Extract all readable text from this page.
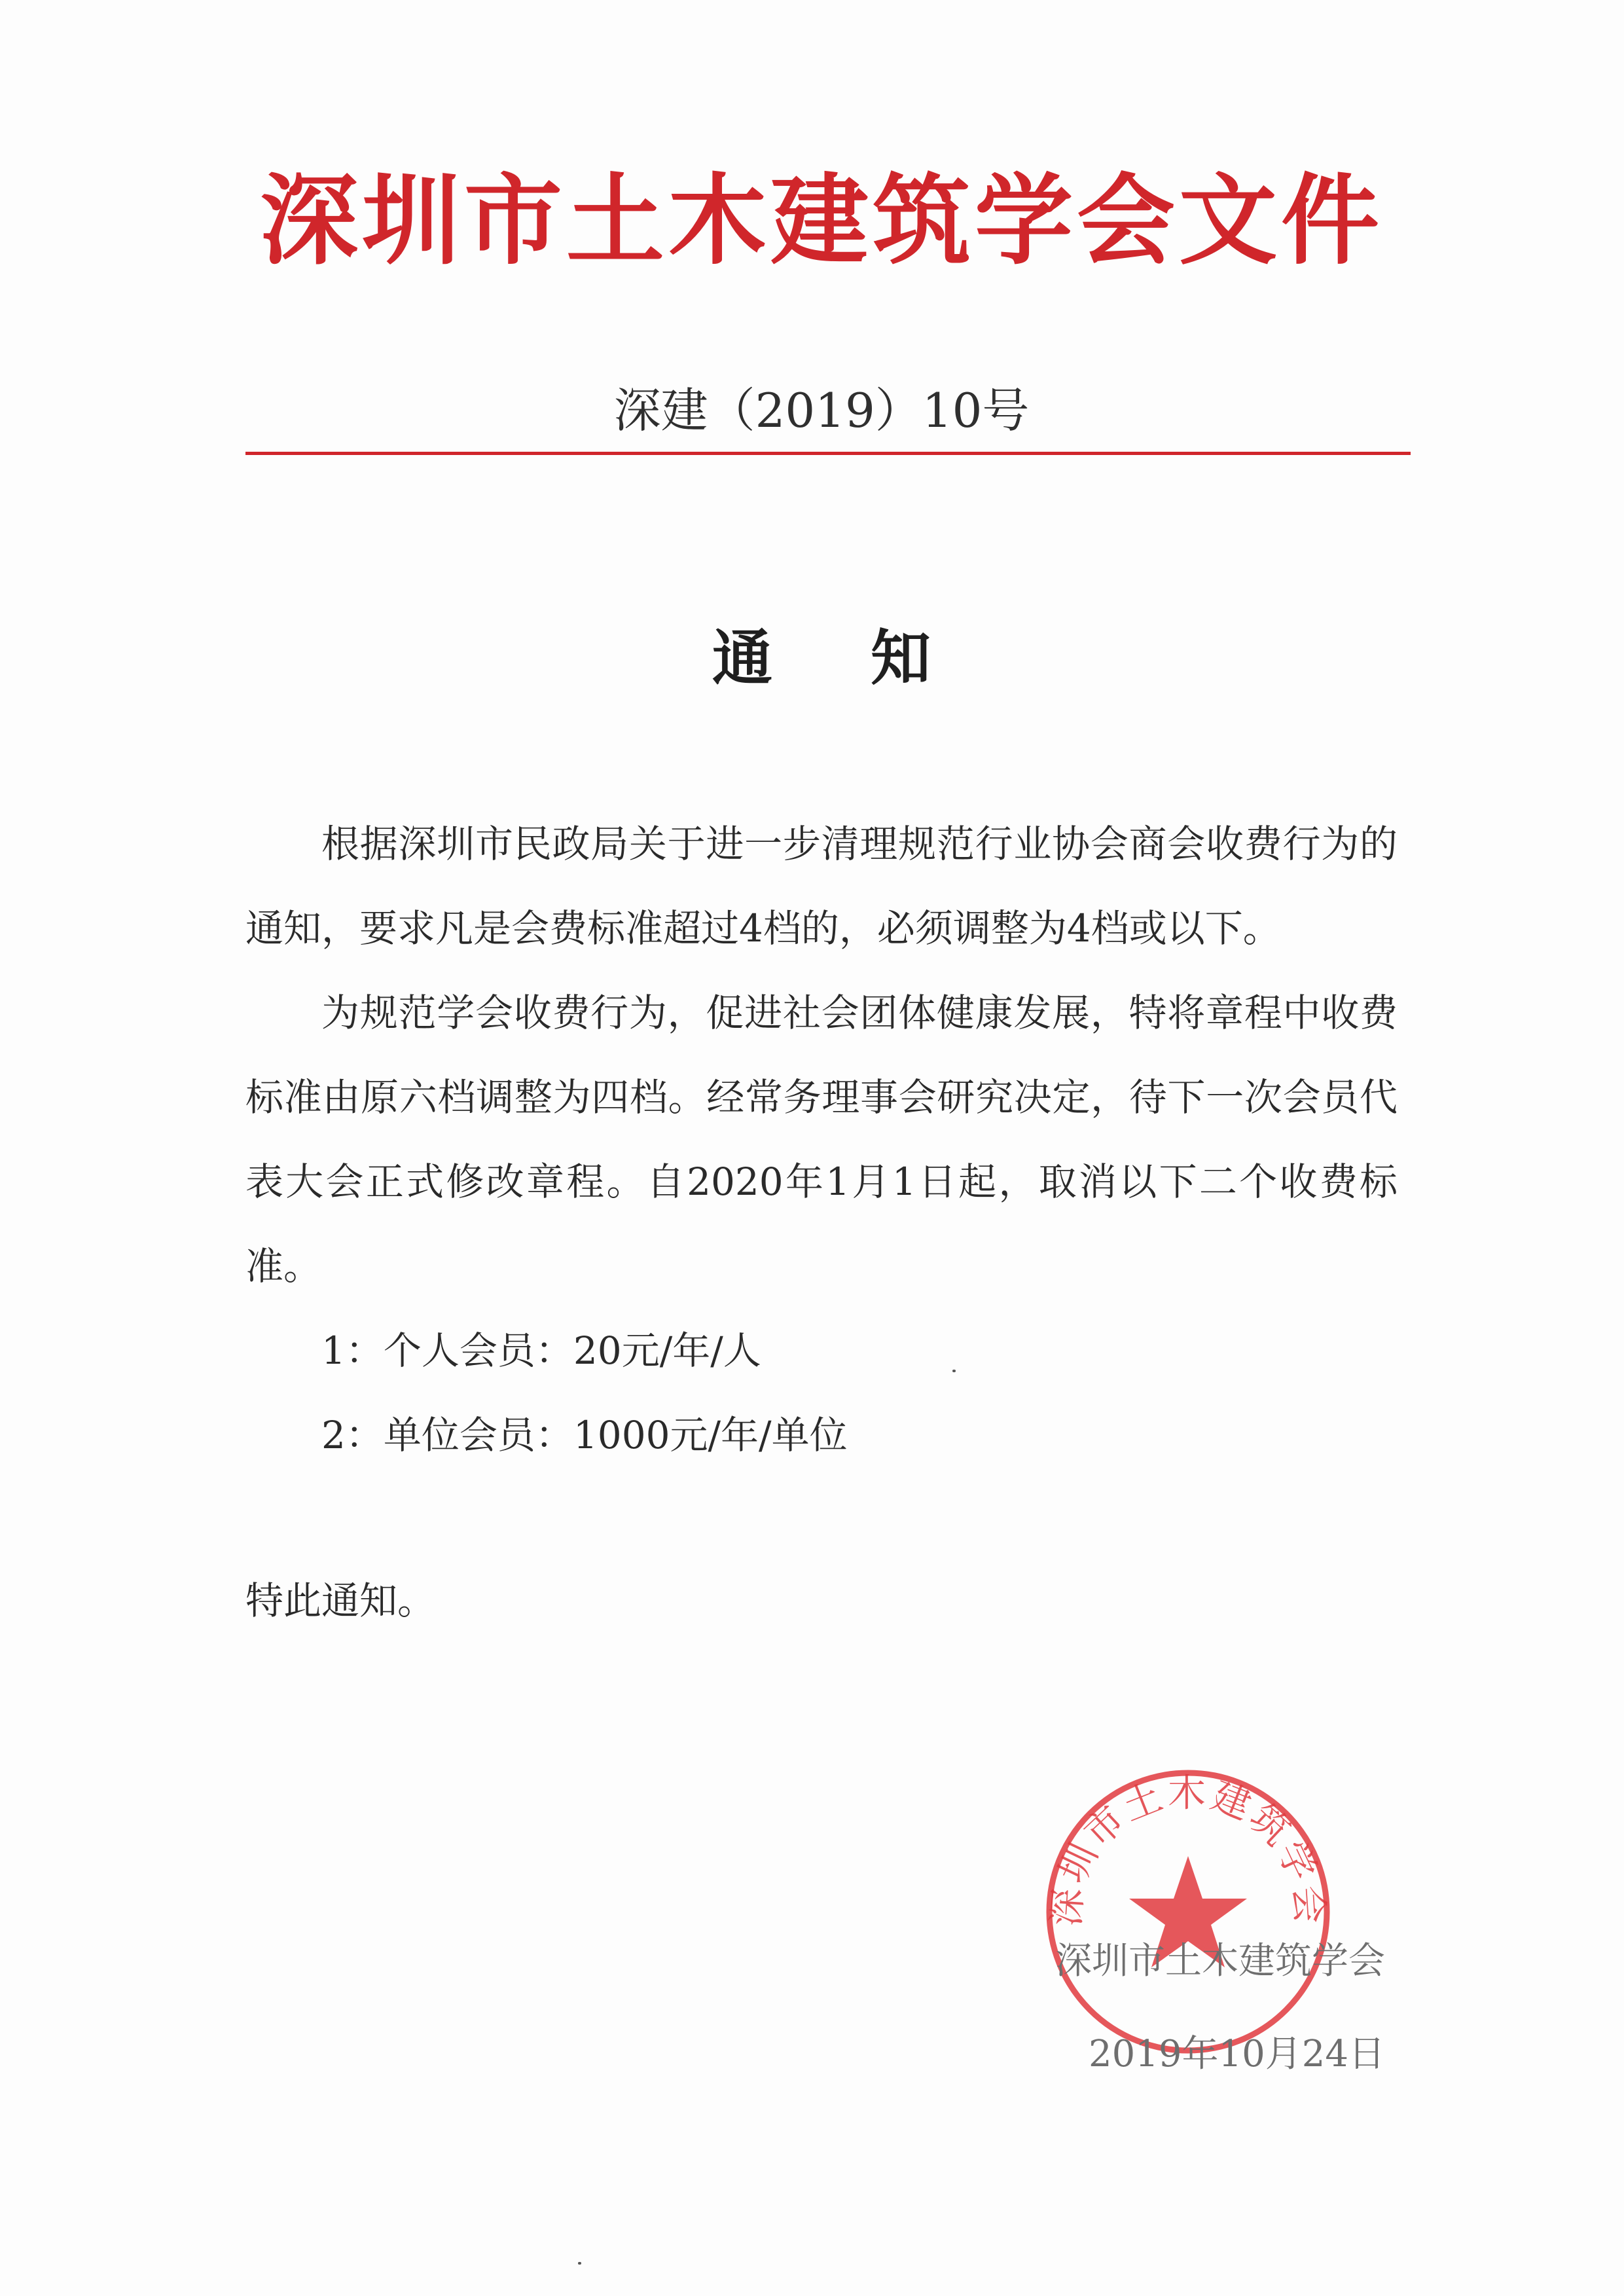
深圳市土木建筑学会文件
深建（2019）10号
通知

根据深圳市民政局关于进一步清理规范行业协会商会收费行为的通知，要求凡是会费标准超过4档的，必须调整为4档或以下。

为规范学会收费行为，促进社会团体健康发展，特将章程中收费标准由原六档调整为四档。经常务理事会研究决定，待下一次会员代表大会正式修改章程。自2020年1月1日起，取消以下二个收费标准。

1：个人会员：20元/年/人

2：单位会员：1000元/年/单位

特此通知。
深圳市土木建筑学会
深圳市土木建筑学会
2019年10月24日
